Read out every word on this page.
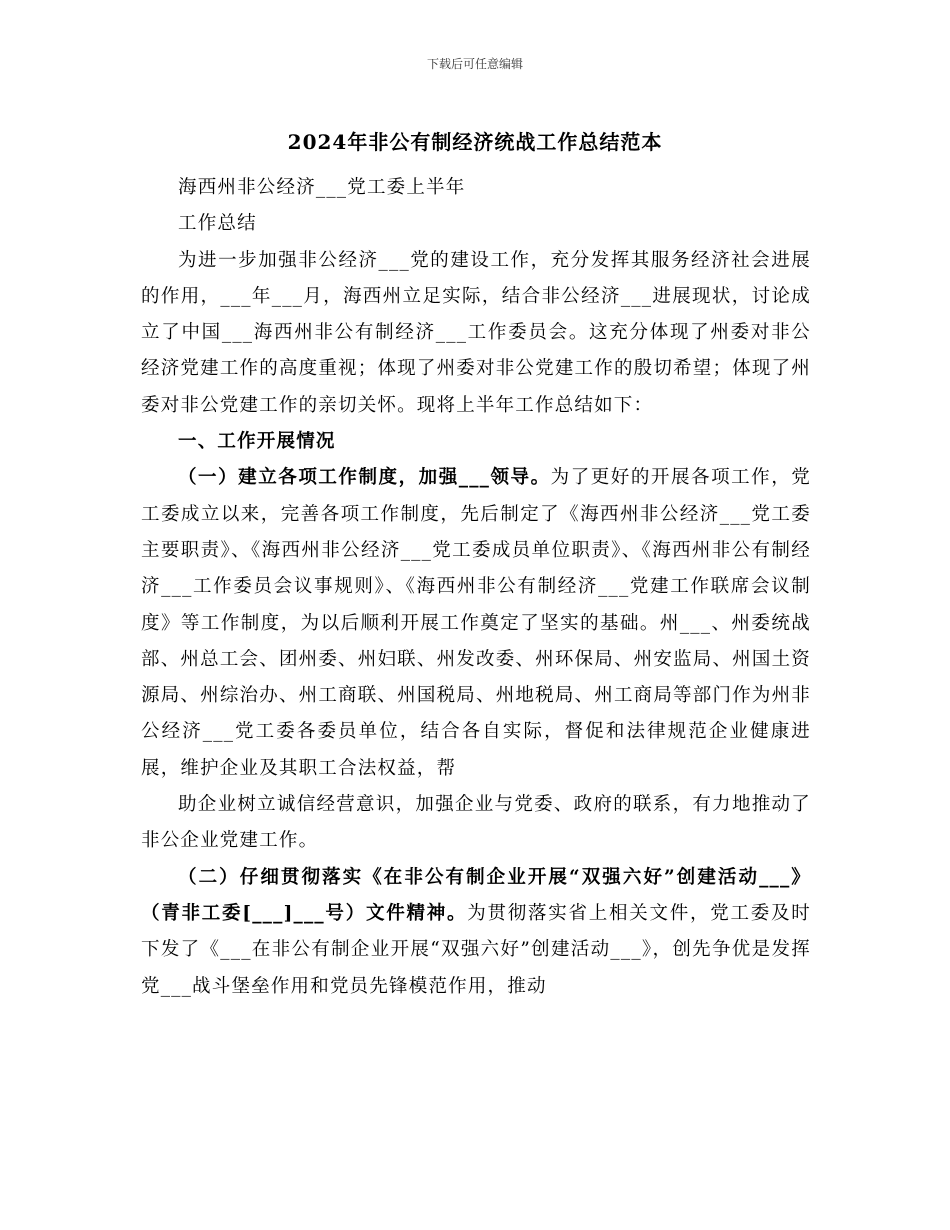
下载后可任意编辑
2024年非公有制经济统战工作总结范本

海西州非公经济___党工委上半年

工作总结

为进一步加强非公经济___党的建设工作，充分发挥其服务经济社会进展的作用，___年___月，海西州立足实际，结合非公经济___进展现状，讨论成立了中国___海西州非公有制经济___工作委员会。这充分体现了州委对非公经济党建工作的高度重视；体现了州委对非公党建工作的殷切希望；体现了州委对非公党建工作的亲切关怀。现将上半年工作总结如下：

一、工作开展情况

（一）建立各项工作制度，加强___领导。为了更好的开展各项工作，党工委成立以来，完善各项工作制度，先后制定了《海西州非公经济___党工委主要职责》、《海西州非公经济___党工委成员单位职责》、《海西州非公有制经济___工作委员会议事规则》、《海西州非公有制经济___党建工作联席会议制度》等工作制度，为以后顺利开展工作奠定了坚实的基础。州___、州委统战部、州总工会、团州委、州妇联、州发改委、州环保局、州安监局、州国土资源局、州综治办、州工商联、州国税局、州地税局、州工商局等部门作为州非公经济___党工委各委员单位，结合各自实际，督促和法律规范企业健康进展，维护企业及其职工合法权益，帮

助企业树立诚信经营意识，加强企业与党委、政府的联系，有力地推动了非公企业党建工作。

（二）仔细贯彻落实《在非公有制企业开展“双强六好”创建活动___》（青非工委[___]___号）文件精神。为贯彻落实省上相关文件，党工委及时下发了《___在非公有制企业开展“双强六好”创建活动___》，创先争优是发挥党___战斗堡垒作用和党员先锋模范作用，推动
